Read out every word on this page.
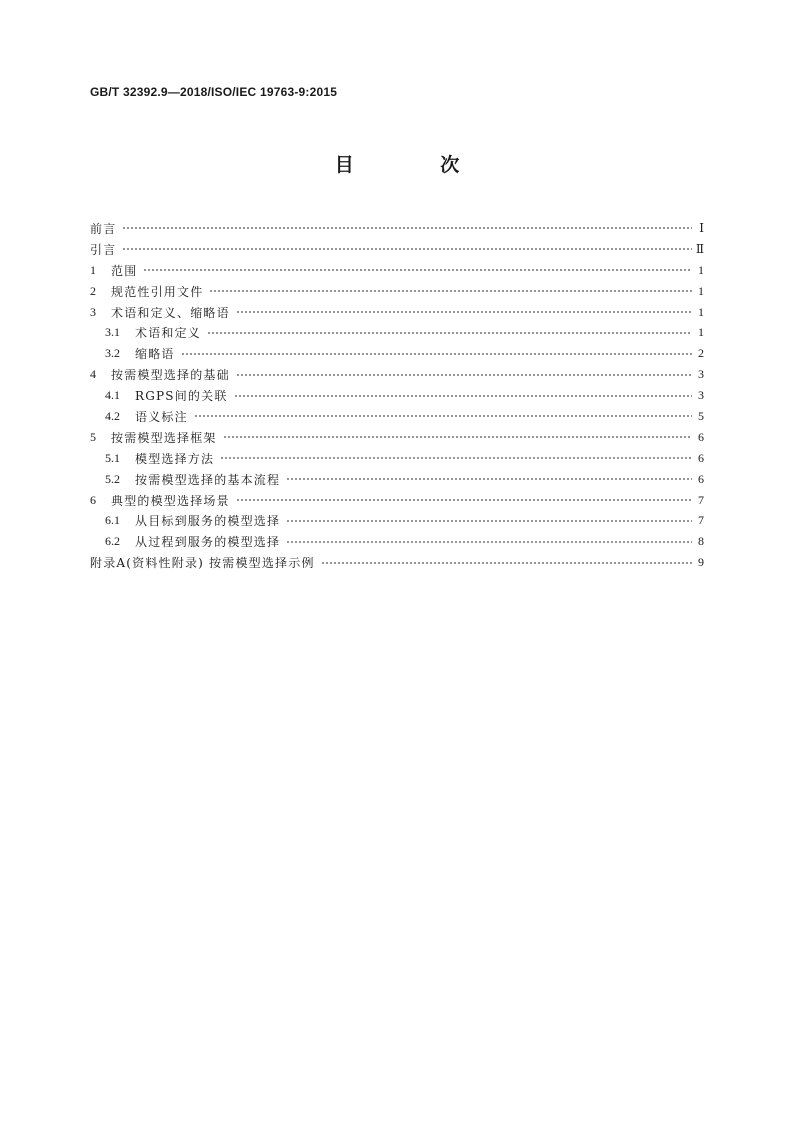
GB/T 32392.9—2018/ISO/IEC 19763-9:2015
目 次
前言	Ⅰ
引言	Ⅱ
1	范围	1
2	规范性引用文件	1
3	术语和定义、缩略语	1
3.1	术语和定义	1
3.2	缩略语	2
4	按需模型选择的基础	3
4.1	RGPS间的关联	3
4.2	语义标注	5
5	按需模型选择框架	6
5.1	模型选择方法	6
5.2	按需模型选择的基本流程	6
6	典型的模型选择场景	7
6.1	从目标到服务的模型选择	7
6.2	从过程到服务的模型选择	8
附录A(资料性附录) 按需模型选择示例	9
